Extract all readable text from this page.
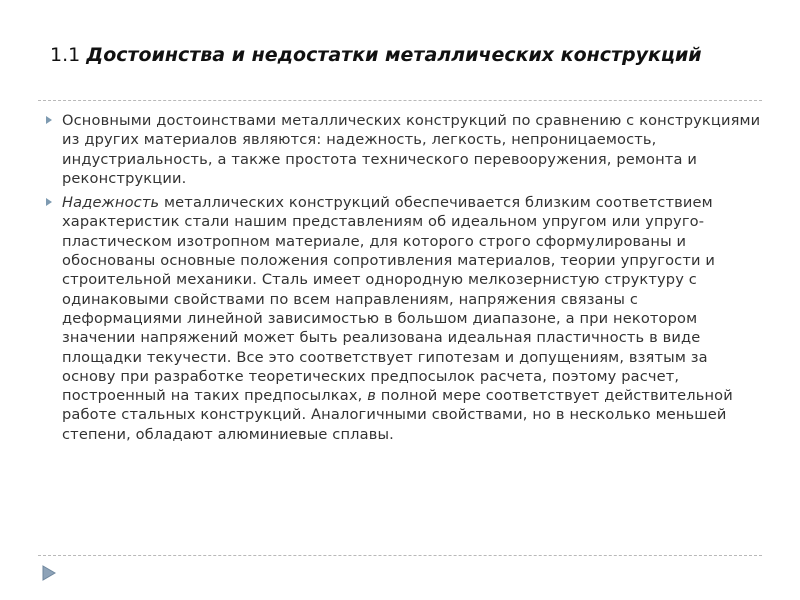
1.1 Достоинства и недостатки металлических конструкций
Основными достоинствами металлических конструкций по сравнению с конструкциями из других материалов являются: надежность, легкость, непроницаемость, индустриальность, а также простота технического перевооружения, ремонта и реконструкции.
Надежность металлических конструкций обеспечивается близким соответствием характеристик стали нашим представлениям об идеальном упругом или упруго-пластическом изотропном материале, для которого строго сформулированы и обоснованы основные положения сопротивления материалов, теории упругости и строительной механики. Сталь имеет однородную мелкозернистую структуру с одинаковыми свойствами по всем направлениям, напряжения связаны с деформациями линейной зависимостью в большом диапазоне, а при некотором значении напряжений может быть реализована идеальная пластичность в виде площадки текучести. Все это соответствует гипотезам и допущениям, взятым за основу при разработке теоретических предпосылок расчета, поэтому расчет, построенный на таких предпосылках, в полной мере соответствует действительной работе стальных конструкций. Аналогичными свойствами, но в несколько меньшей степени, обладают алюминиевые сплавы.
